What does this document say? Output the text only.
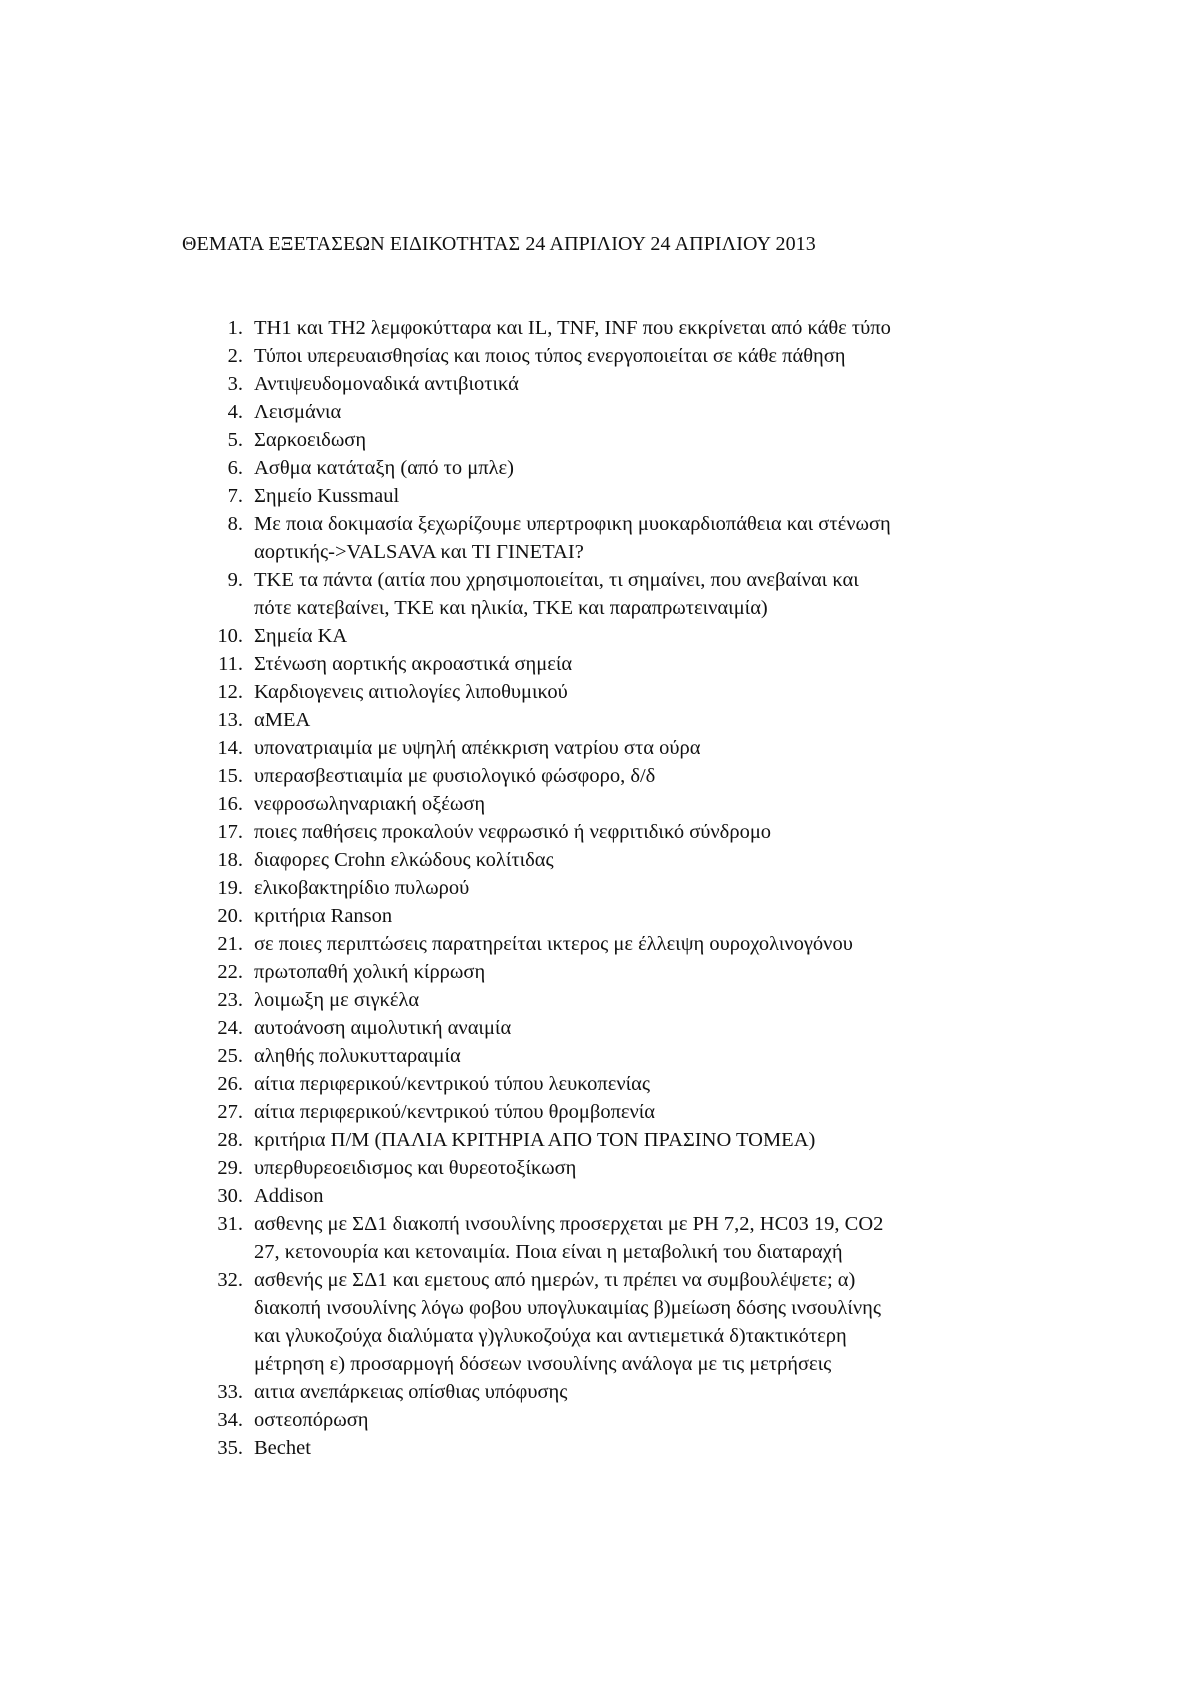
ΘΕΜΑΤΑ ΕΞΕΤΑΣΕΩΝ ΕΙΔΙΚΟΤΗΤΑΣ 24 ΑΠΡΙΛΙΟΥ 24 ΑΠΡΙΛΙΟΥ 2013
1. TH1 και TH2 λεμφοκύτταρα και IL, TNF, INF που εκκρίνεται από κάθε τύπο
2. Τύποι υπερευαισθησίας και ποιος τύπος ενεργοποιείται σε κάθε πάθηση
3. Αντιψευδομοναδικά αντιβιοτικά
4. Λεισμάνια
5. Σαρκοειδωση
6. Ασθμα κατάταξη (από το μπλε)
7. Σημείο Kussmaul
8. Με ποια δοκιμασία ξεχωρίζουμε υπερτροφικη μυοκαρδιοπάθεια και στένωση
αορτικής->VALSAVA και ΤΙ ΓΙΝΕΤΑΙ?
9. ΤΚΕ τα πάντα (αιτία που χρησιμοποιείται, τι σημαίνει, που ανεβαίναι και
πότε κατεβαίνει, ΤΚΕ και ηλικία, ΤΚΕ και παραπρωτειναιμία)
10. Σημεία ΚΑ
11. Στένωση αορτικής ακροαστικά σημεία
12. Καρδιογενεις αιτιολογίες λιποθυμικού
13. αΜΕΑ
14. υπονατριαιμία με υψηλή απέκκριση νατρίου στα ούρα
15. υπερασβεστιαιμία με φυσιολογικό φώσφορο, δ/δ
16. νεφροσωληναριακή οξέωση
17. ποιες παθήσεις προκαλούν νεφρωσικό ή νεφριτιδικό σύνδρομο
18. διαφορες Crohn ελκώδους κολίτιδας
19. ελικοβακτηρίδιο πυλωρού
20. κριτήρια Ranson
21. σε ποιες περιπτώσεις παρατηρείται ικτερος με έλλειψη ουροχολινογόνου
22. πρωτοπαθή χολική κίρρωση
23. λοιμωξη με σιγκέλα
24. αυτοάνοση αιμολυτική αναιμία
25. αληθής πολυκυτταραιμία
26. αίτια περιφερικού/κεντρικού τύπου λευκοπενίας
27. αίτια περιφερικού/κεντρικού τύπου θρομβοπενία
28. κριτήρια Π/Μ (ΠΑΛΙΑ ΚΡΙΤΗΡΙΑ ΑΠΟ ΤΟΝ ΠΡΑΣΙΝΟ ΤΟΜΕΑ)
29. υπερθυρεοειδισμος και θυρεοτοξίκωση
30. Addison
31. ασθενης με ΣΔ1 διακοπή ινσουλίνης προσερχεται με PH 7,2, HC03 19, CO2
27, κετονουρία και κετοναιμία. Ποια είναι η μεταβολική του διαταραχή
32. ασθενής με ΣΔ1 και εμετους από ημερών, τι πρέπει να συμβουλέψετε; α)
διακοπή ινσουλίνης λόγω φοβου υπογλυκαιμίας β)μείωση δόσης ινσουλίνης
και γλυκοζούχα διαλύματα γ)γλυκοζούχα και αντιεμετικά δ)τακτικότερη
μέτρηση ε) προσαρμογή δόσεων ινσουλίνης ανάλογα με τις μετρήσεις
33. αιτια ανεπάρκειας οπίσθιας υπόφυσης
34. οστεοπόρωση
35. Bechet
